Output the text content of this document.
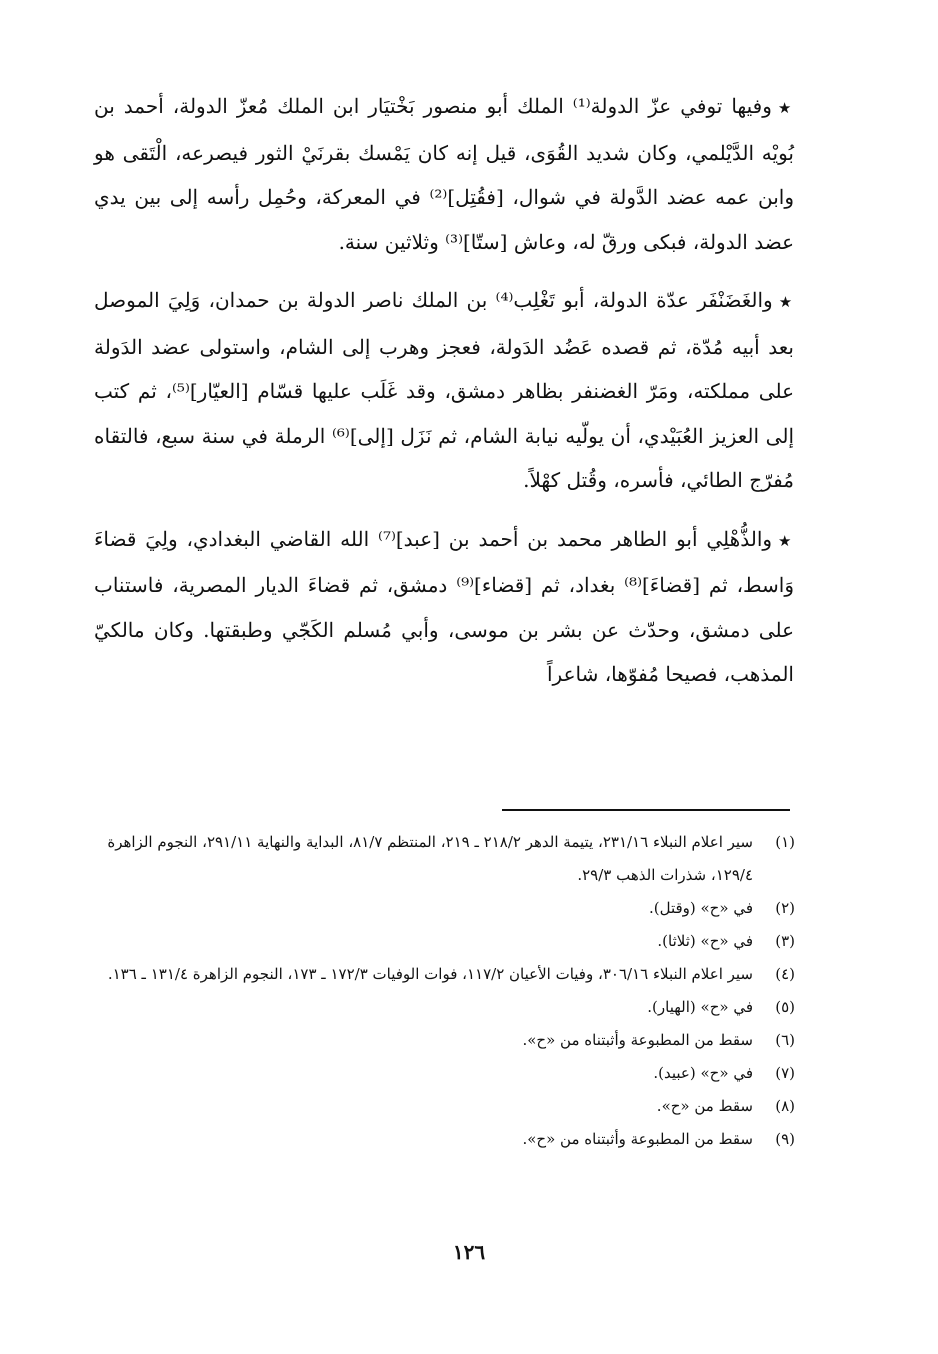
★وفيها توفي عزّ الدولة⁽¹⁾ الملك أبو منصور بَخْتيَار ابن الملك مُعزّ الدولة، أحمد بن بُويْه الدَّيْلمي، وكان شديد القُوَى، قيل إنه كان يَمْسك بقرنَيْ الثور فيصرعه، الْتَقى هو وابن عمه عضد الدَّولة في شوال، [فقُتِل]⁽²⁾ في المعركة، وحُمِل رأسه إلى بين يدي عضد الدولة، فبكى ورقّ له، وعاش [ستّا]⁽³⁾ وثلاثين سنة.

★والغَضَنْفَر عدّة الدولة، أبو تَغْلِب⁽⁴⁾ بن الملك ناصر الدولة بن حمدان، وَلِيَ الموصل بعد أبيه مُدّة، ثم قصده عَضُد الدَولة، فعجز وهرب إلى الشام، واستولى عضد الدَولة على مملكته، ومَرّ الغضنفر بظاهر دمشق، وقد غَلَب عليها قسّام [العيّار]⁽⁵⁾، ثم كتب إلى العزيز العُبَيْدي، أن يولّيه نيابة الشام، ثم نَزَل [إلى]⁽⁶⁾ الرملة في سنة سبع، فالتقاه مُفرّج الطائي، فأسره، وقُتل كهْلاً.

★والذُّهْلِي أبو الطاهر محمد بن أحمد بن [عبد]⁽⁷⁾ الله القاضي البغدادي، ولِيَ قضاءَ وَاسط، ثم [قضاءَ]⁽⁸⁾ بغداد، ثم [قضاء]⁽⁹⁾ دمشق، ثم قضاءَ الديار المصرية، فاستناب على دمشق، وحدّث عن بشر بن موسى، وأبي مُسلم الكَجّي وطبقتها. وكان مالكيّ المذهب، فصيحا مُفوّها، شاعراً

(١)
سير اعلام النبلاء ٢٣١/١٦، يتيمة الدهر ٢١٨/٢ ـ ٢١٩، المنتظم ٨١/٧، البداية والنهاية ٢٩١/١١، النجوم الزاهرة ١٢٩/٤، شذرات الذهب ٢٩/٣.
(٢)
في «ح» (وقتل).
(٣)
في «ح» (ثلاثا).
(٤)
سير اعلام النبلاء ٣٠٦/١٦، وفيات الأعيان ١١٧/٢، فوات الوفيات ١٧٢/٣ ـ ١٧٣، النجوم الزاهرة ١٣١/٤ ـ ١٣٦.
(٥)
في «ح» (الهيار).
(٦)
سقط من المطبوعة وأثبتناه من «ح».
(٧)
في «ح» (عبيد).
(٨)
سقط من «ح».
(٩)
سقط من المطبوعة وأثبتناه من «ح».
١٢٦
